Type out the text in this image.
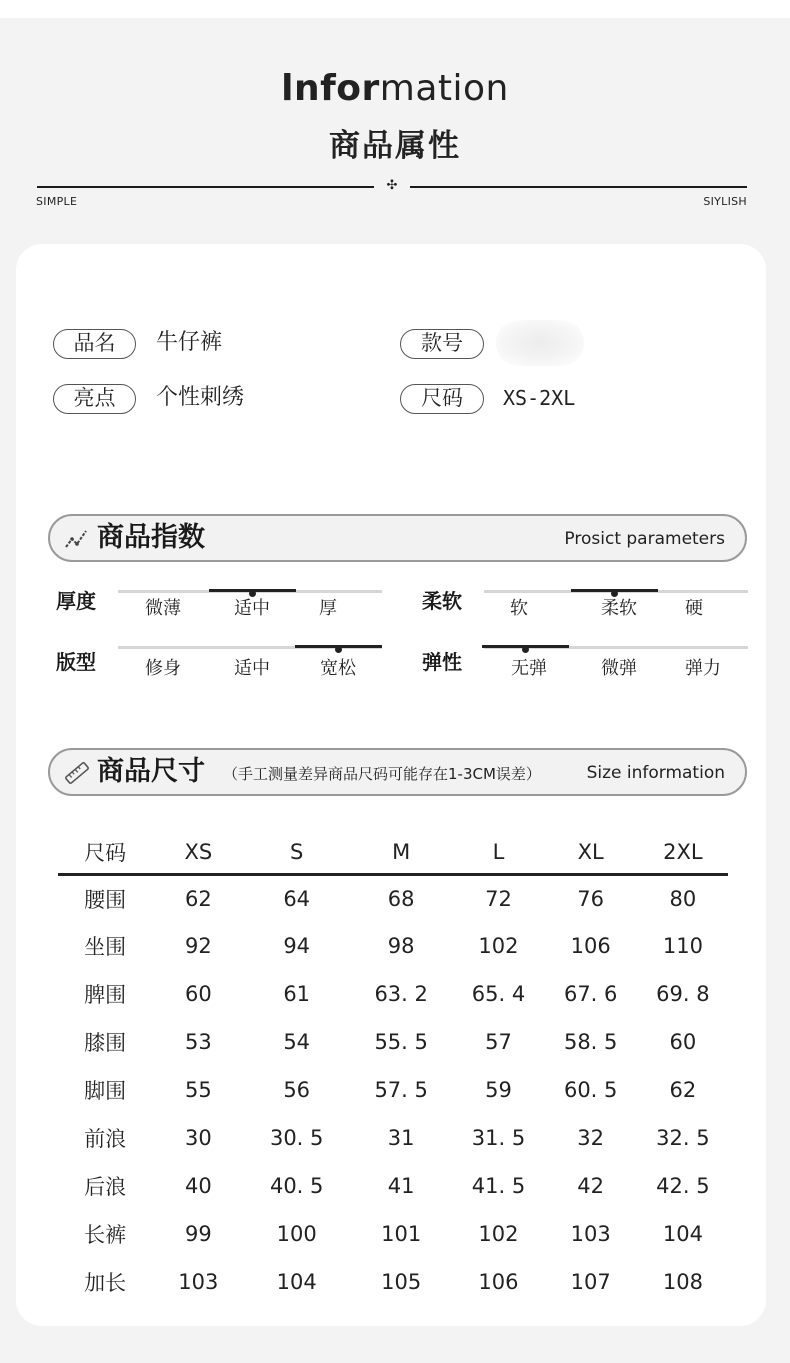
lnformation
商品属性
✣
SIMPLE	SIYLISH
品名	牛仔裤	款号
亮点	个性刺绣	尺码	XS-2XL
商品指数	Prosict parameters
厚度	微薄	适中	厚	柔软	软	柔软	硬
版型	修身	适中	宽松	弹性	无弹	微弹	弹力
商品尺寸 （手工测量差异商品尺码可能存在1-3CM误差）	Size information
尺码	XS	S	M	L	XL	2XL
腰围	62	64	68	72	76	80
坐围	92	94	98	102	106	110
脾围	60	61	63. 2	65. 4	67. 6	69. 8
膝围	53	54	55. 5	57	58. 5	60
脚围	55	56	57. 5	59	60. 5	62
前浪	30	30. 5	31	31. 5	32	32. 5
后浪	40	40. 5	41	41. 5	42	42. 5
长裤	99	100	101	102	103	104
加长	103	104	105	106	107	108
